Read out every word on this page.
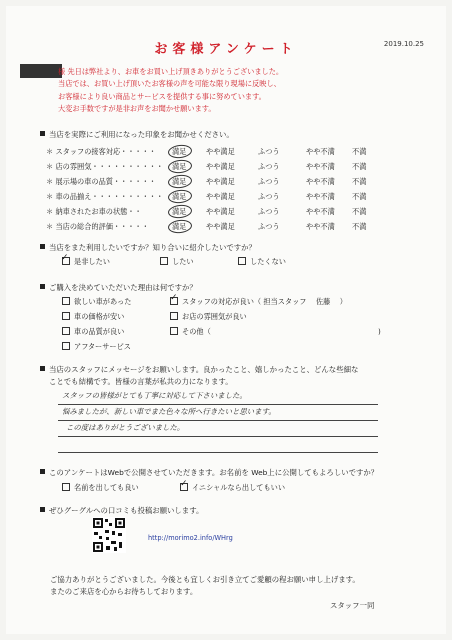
お客様アンケート	2019.10.25
様 先日は弊社より、お車をお買い上げ頂きありがとうございました。
当店では、お買い上げ頂いたお客様の声を可能な限り現場に反映し、
お客様により良い商品とサービスを提供する事に努めています。
大変お手数ですが是非お声をお聞かせ願います。
当店を実際にご利用になった印象をお聞かせください。
＊ スタッフの接客対応・・・・・ 満足	やや満足	ふつう	やや不満 不満
＊ 店の雰囲気・・・・・・・・・・ 満足	やや満足	ふつう	やや不満 不満
＊ 展示場の車の品質・・・・・・ 満足	やや満足	ふつう	やや不満 不満
＊ 車の品揃え・・・・・・・・・・ 満足	やや満足	ふつう	やや不満 不満
＊ 納車されたお車の状態・・	満足	やや満足	ふつう	やや不満 不満
＊ 当店の総合的評価・・・・・	満足	やや満足	ふつう	やや不満 不満
当店をまた利用したいですか？知り合いに紹介したいですか？
是非したい
✓	したい	したくない
ご購入を決めていただいた理由は何ですか？
欲しい車があった	スタッフの対応が良い（ 担当スタッフ　 佐藤 　）
✓
車の価格が安い	お店の雰囲気が良い
車の品質が良い	その他（	)
アフターサービス
当店のスタッフにメッセージをお願いします。良かったこと、嬉しかったこと、どんな些細な
ことでも結構です。皆様の言葉が私共の力になります。
スタッフの皆様がとても丁寧に対応して下さいました。
悩みましたが、新しい車でまた色々な所へ行きたいと思います。
この度はありがとうございました。
このアンケートはWebで公開させていただきます。お名前を Web上に公開してもよろしいですか？
名前を出しても良い	イニシャルなら出してもいい
✓
ぜひグーグルへの口コミも投稿お願いします。
http://morimo2.info/WHrg
ご協力ありがとうございました。今後とも宜しくお引き立てご愛顧の程お願い申し上げます。
またのご来店を心からお待ちしております。
スタッフ一同
